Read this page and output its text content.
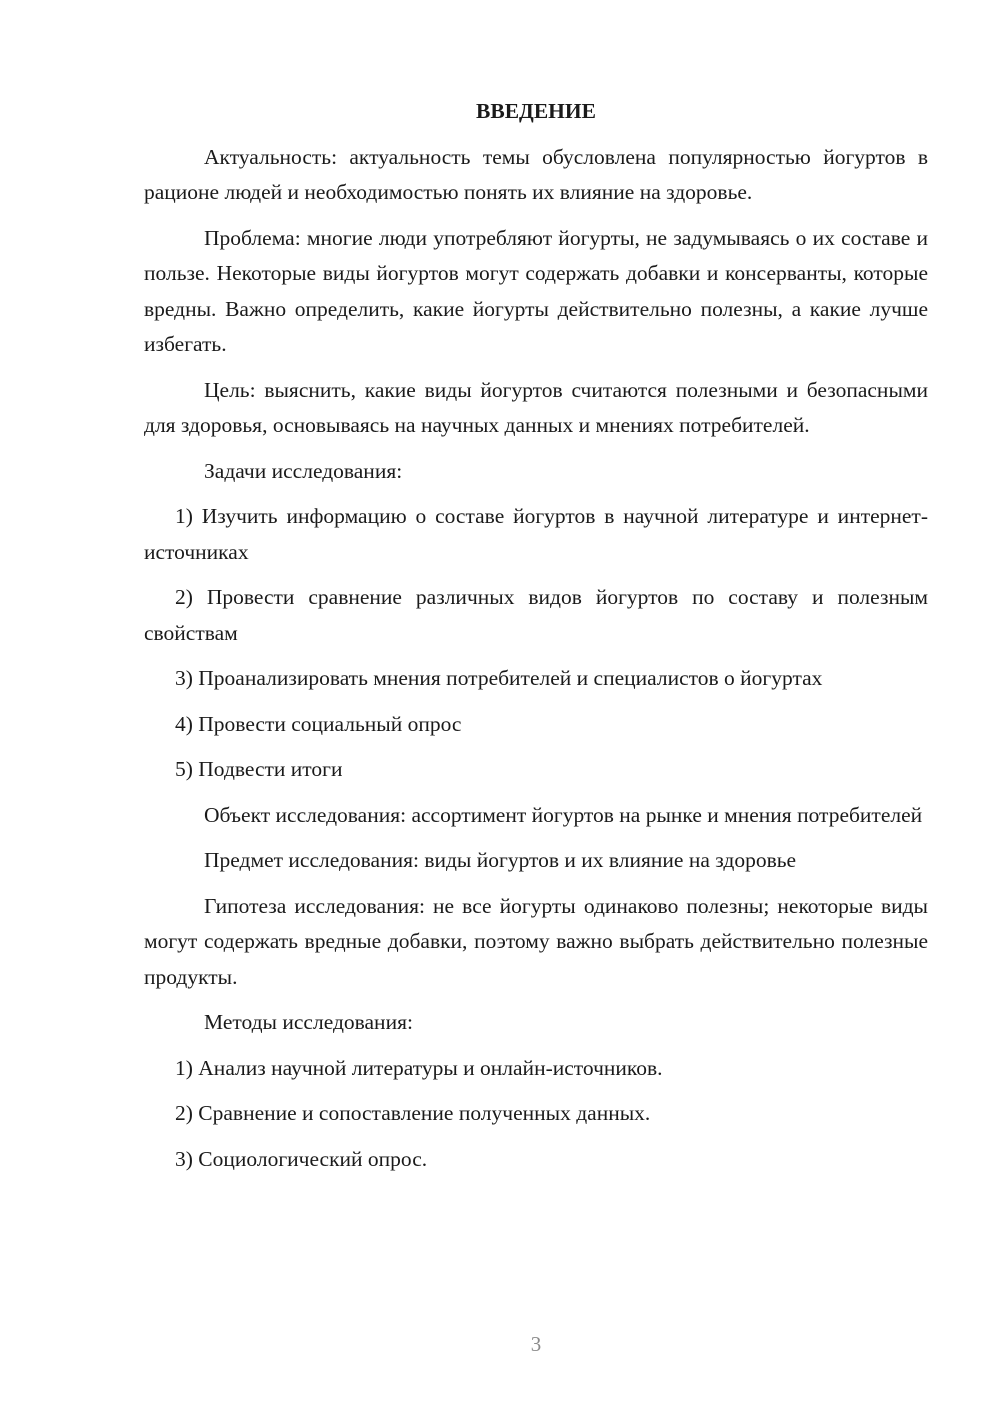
ВВЕДЕНИЕ

Актуальность: актуальность темы обусловлена популярностью йогуртов в рационе людей и необходимостью понять их влияние на здоровье.

Проблема: многие люди употребляют йогурты, не задумываясь о их составе и пользе. Некоторые виды йогуртов могут содержать добавки и консерванты, которые вредны. Важно определить, какие йогурты действительно полезны, а какие лучше избегать.

Цель: выяснить, какие виды йогуртов считаются полезными и безопасными для здоровья, основываясь на научных данных и мнениях потребителей.

Задачи исследования:

1) Изучить информацию о составе йогуртов в научной литературе и интернет-источниках

2) Провести сравнение различных видов йогуртов по составу и полезным свойствам

3) Проанализировать мнения потребителей и специалистов о йогуртах

4) Провести социальный опрос

5) Подвести итоги

Объект исследования: ассортимент йогуртов на рынке и мнения потребителей

Предмет исследования: виды йогуртов и их влияние на здоровье

Гипотеза исследования: не все йогурты одинаково полезны; некоторые виды могут содержать вредные добавки, поэтому важно выбрать действительно полезные продукты.

Методы исследования:

1) Анализ научной литературы и онлайн-источников.

2) Сравнение и сопоставление полученных данных.

3) Социологический опрос.

3
